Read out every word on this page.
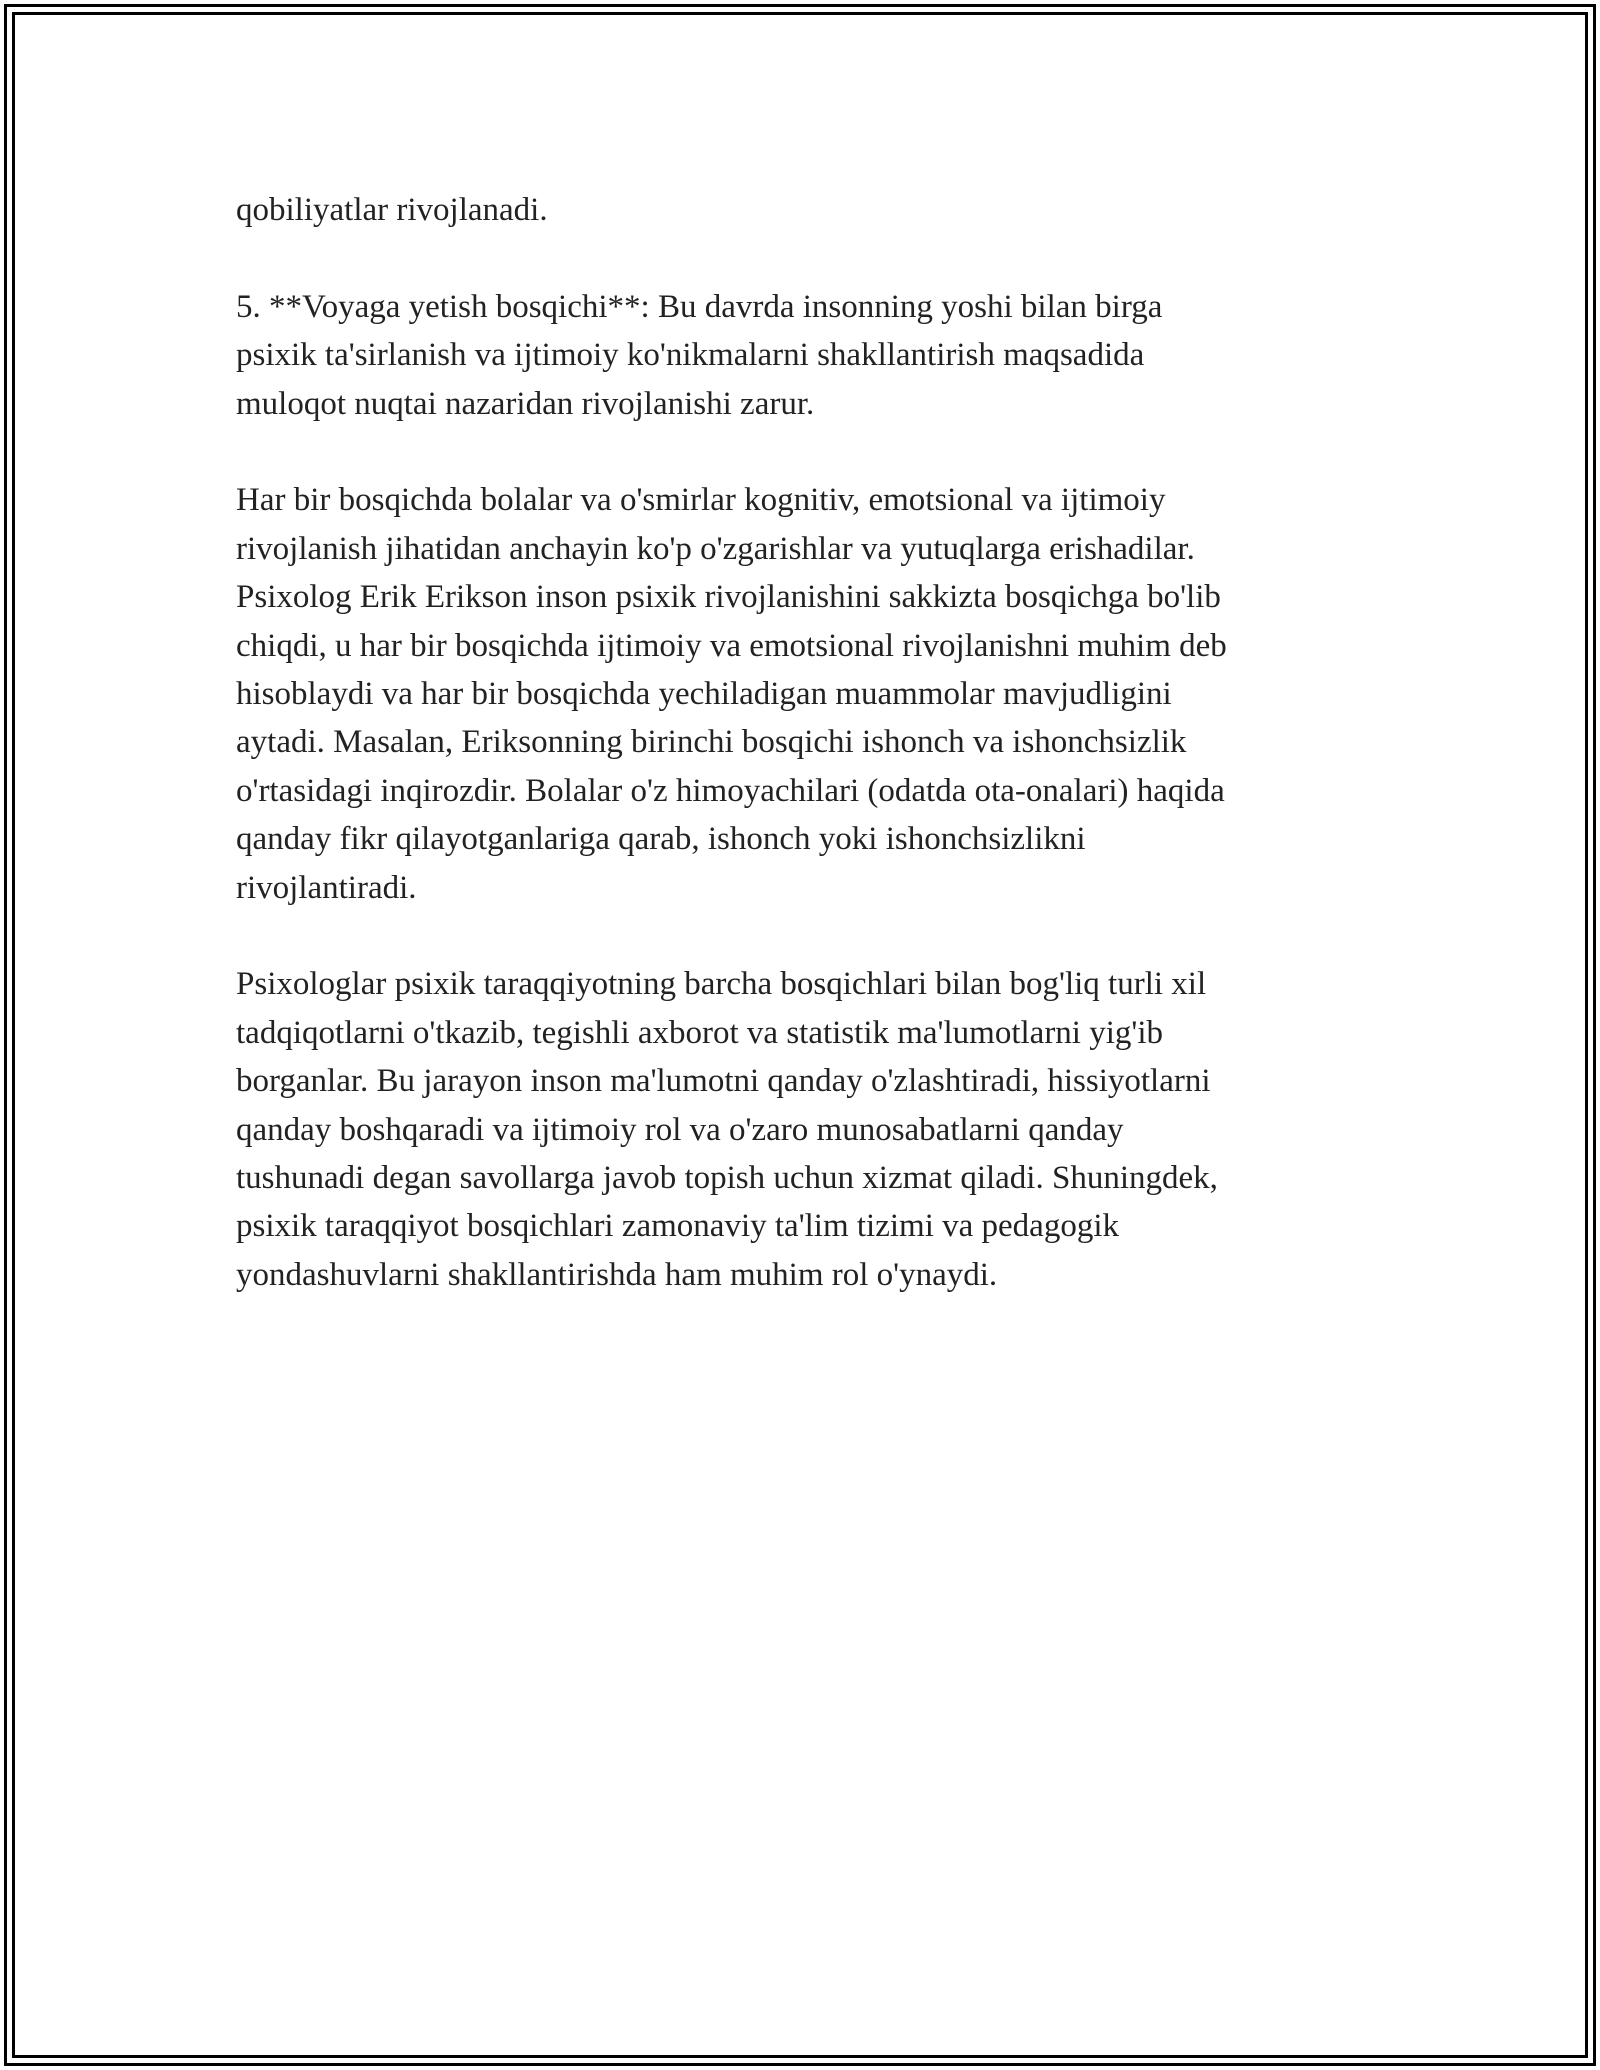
qobiliyatlar rivojlanadi.

5. **Voyaga yetish bosqichi**: Bu davrda insonning yoshi bilan birga
psixik ta'sirlanish va ijtimoiy ko'nikmalarni shakllantirish maqsadida
muloqot nuqtai nazaridan rivojlanishi zarur.

Har bir bosqichda bolalar va o'smirlar kognitiv, emotsional va ijtimoiy
rivojlanish jihatidan anchayin ko'p o'zgarishlar va yutuqlarga erishadilar.
Psixolog Erik Erikson inson psixik rivojlanishini sakkizta bosqichga bo'lib
chiqdi, u har bir bosqichda ijtimoiy va emotsional rivojlanishni muhim deb
hisoblaydi va har bir bosqichda yechiladigan muammolar mavjudligini
aytadi. Masalan, Eriksonning birinchi bosqichi ishonch va ishonchsizlik
o'rtasidagi inqirozdir. Bolalar o'z himoyachilari (odatda ota-onalari) haqida
qanday fikr qilayotganlariga qarab, ishonch yoki ishonchsizlikni
rivojlantiradi.

Psixologlar psixik taraqqiyotning barcha bosqichlari bilan bog'liq turli xil
tadqiqotlarni o'tkazib, tegishli axborot va statistik ma'lumotlarni yig'ib
borganlar. Bu jarayon inson ma'lumotni qanday o'zlashtiradi, hissiyotlarni
qanday boshqaradi va ijtimoiy rol va o'zaro munosabatlarni qanday
tushunadi degan savollarga javob topish uchun xizmat qiladi. Shuningdek,
psixik taraqqiyot bosqichlari zamonaviy ta'lim tizimi va pedagogik
yondashuvlarni shakllantirishda ham muhim rol o'ynaydi.
